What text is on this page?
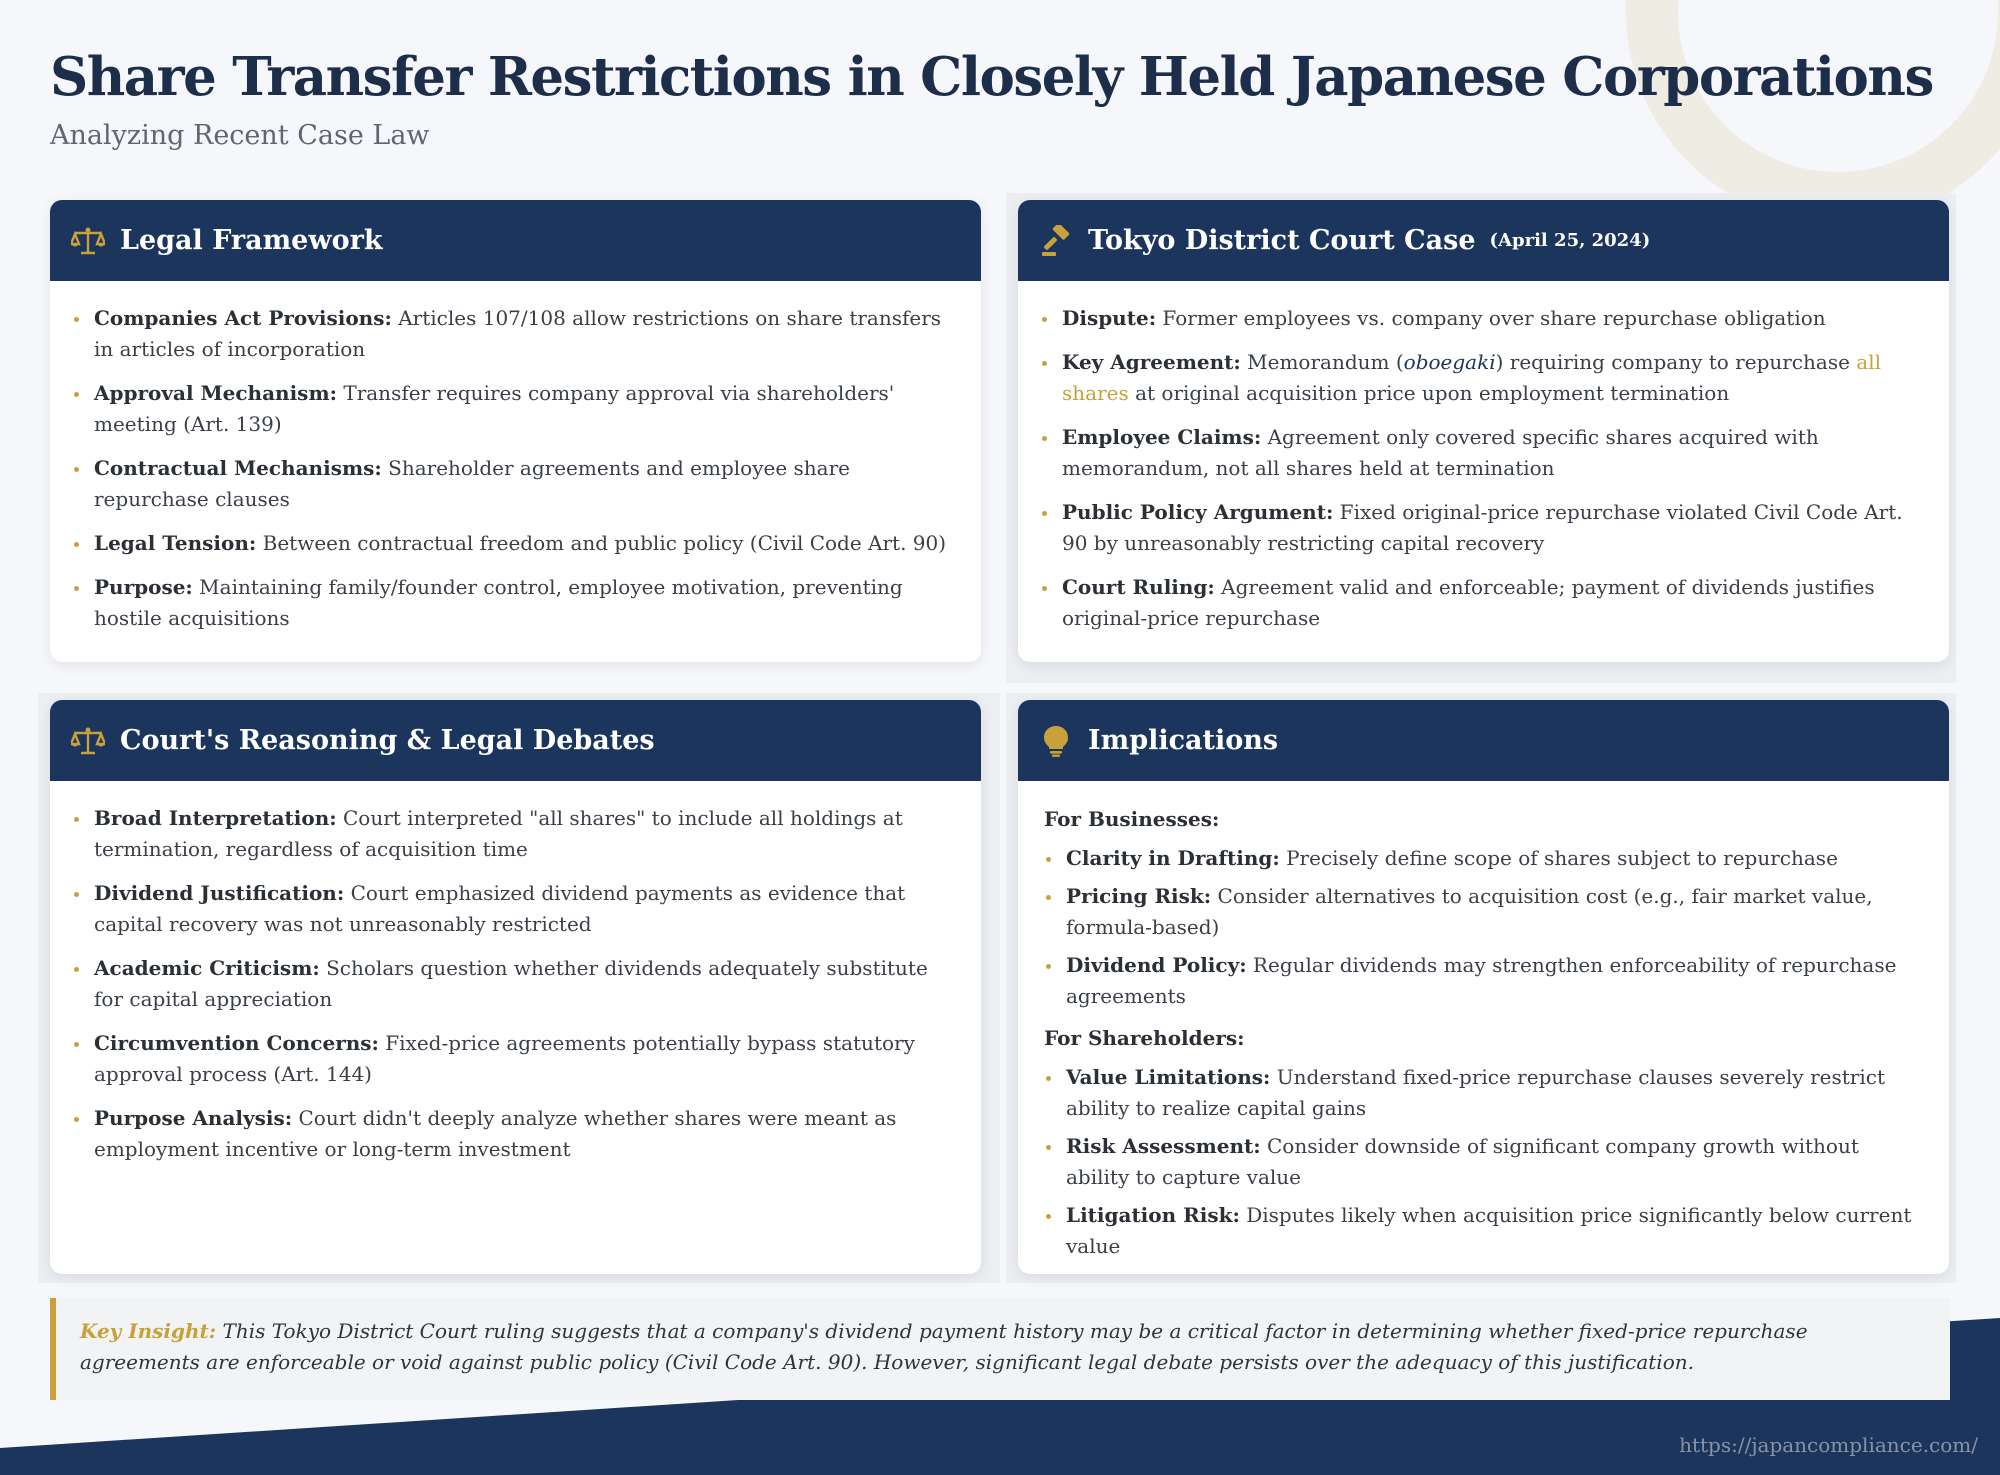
Share Transfer Restrictions in Closely Held Japanese Corporations
Analyzing Recent Case Law
Legal Framework
Companies Act Provisions: Articles 107/108 allow restrictions on share transfers in articles of incorporation
Approval Mechanism: Transfer requires company approval via shareholders' meeting (Art. 139)
Contractual Mechanisms: Shareholder agreements and employee share repurchase clauses
Legal Tension: Between contractual freedom and public policy (Civil Code Art. 90)
Purpose: Maintaining family/founder control, employee motivation, preventing hostile acquisitions
Tokyo District Court Case (April 25, 2024)
Dispute: Former employees vs. company over share repurchase obligation
Key Agreement: Memorandum (oboegaki) requiring company to repurchase all shares at original acquisition price upon employment termination
Employee Claims: Agreement only covered specific shares acquired with memorandum, not all shares held at termination
Public Policy Argument: Fixed original-price repurchase violated Civil Code Art. 90 by unreasonably restricting capital recovery
Court Ruling: Agreement valid and enforceable; payment of dividends justifies original-price repurchase
Court's Reasoning & Legal Debates
Broad Interpretation: Court interpreted "all shares" to include all holdings at termination, regardless of acquisition time
Dividend Justification: Court emphasized dividend payments as evidence that capital recovery was not unreasonably restricted
Academic Criticism: Scholars question whether dividends adequately substitute for capital appreciation
Circumvention Concerns: Fixed-price agreements potentially bypass statutory approval process (Art. 144)
Purpose Analysis: Court didn't deeply analyze whether shares were meant as employment incentive or long-term investment
Implications
For Businesses:
Clarity in Drafting: Precisely define scope of shares subject to repurchase
Pricing Risk: Consider alternatives to acquisition cost (e.g., fair market value, formula-based)
Dividend Policy: Regular dividends may strengthen enforceability of repurchase agreements
For Shareholders:
Value Limitations: Understand fixed-price repurchase clauses severely restrict ability to realize capital gains
Risk Assessment: Consider downside of significant company growth without ability to capture value
Litigation Risk: Disputes likely when acquisition price significantly below current value
Key Insight: This Tokyo District Court ruling suggests that a company's dividend payment history may be a critical factor in determining whether fixed-price repurchase agreements are enforceable or void against public policy (Civil Code Art. 90). However, significant legal debate persists over the adequacy of this justification.
https://japancompliance.com/
